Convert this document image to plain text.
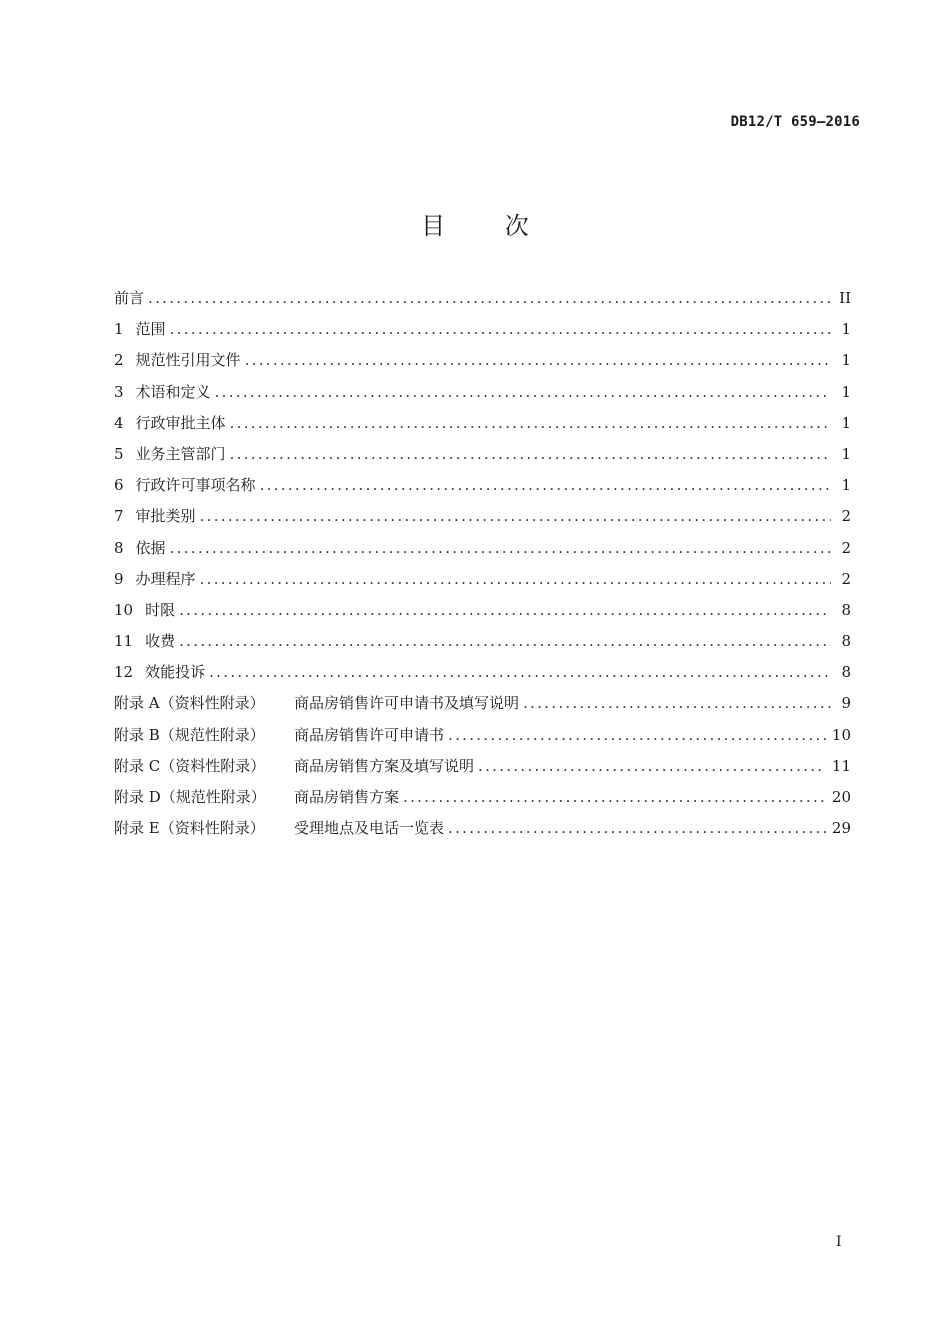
DB12/T 659—2016
目 次
前言 .....	II
1 范围 .....	1
2 规范性引用文件 .....	1
3 术语和定义 .....	1
4 行政审批主体 .....	1
5 业务主管部门 .....	1
6 行政许可事项名称 .....	1
7 审批类别 .....	2
8 依据 .....	2
9 办理程序 .....	2
10 时限 .....	8
11 收费 .....	8
12 效能投诉 .....	8
附录 A（资料性附录）	商品房销售许可申请书及填写说明 .....	9
附录 B（规范性附录）	商品房销售许可申请书 .....	10
附录 C（资料性附录）	商品房销售方案及填写说明 .....	11
附录 D（规范性附录）	商品房销售方案 .....	20
附录 E（资料性附录）	受理地点及电话一览表 .....	29
I
